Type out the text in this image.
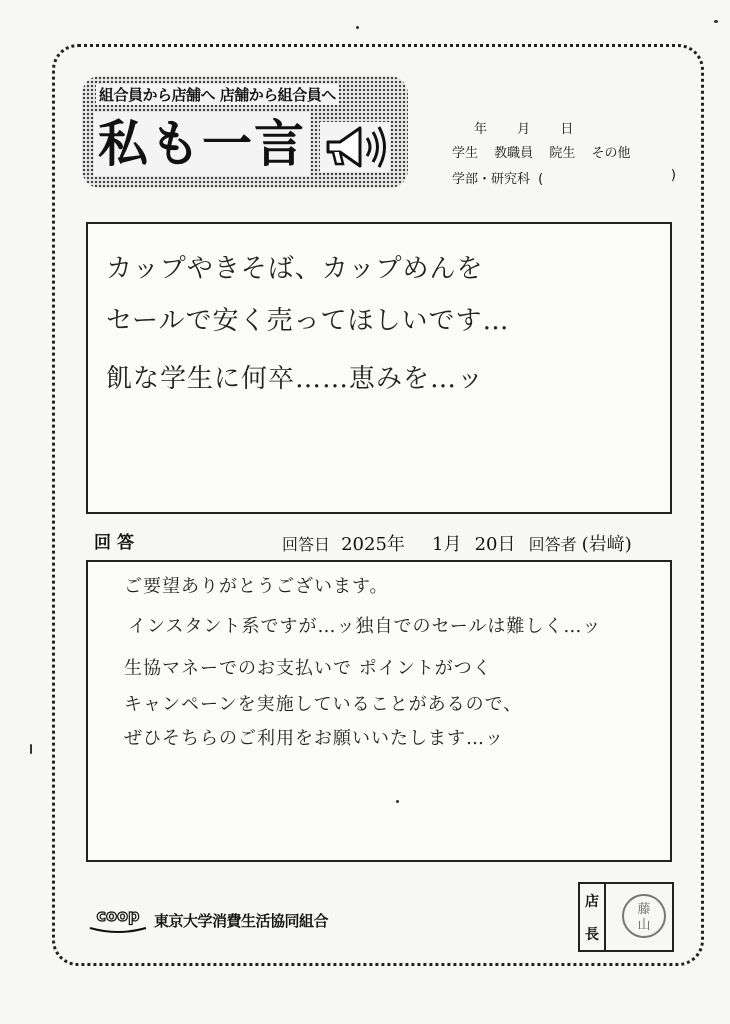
組合員から店舗へ 店舗から組合員へ
私も一言	年 月 日
学生 教職員 院生 その他
学部・研究科 (	)
カップやきそば、カップめんを
セールで安く売ってほしいです…
飢な学生に何卒……恵みを…ッ
回答	回答日 2025年 1月 20日 回答者 (岩﨑)
ご要望ありがとうございます。
インスタント系ですが…ッ独自でのセールは難しく…ッ
生協マネーでのお支払いで ポイントがつく
キャンペーンを実施していることがあるので、
ぜひそちらのご利用をお願いいたします…ッ
coop 東京大学消費生活協同組合
店
長
藤
山
